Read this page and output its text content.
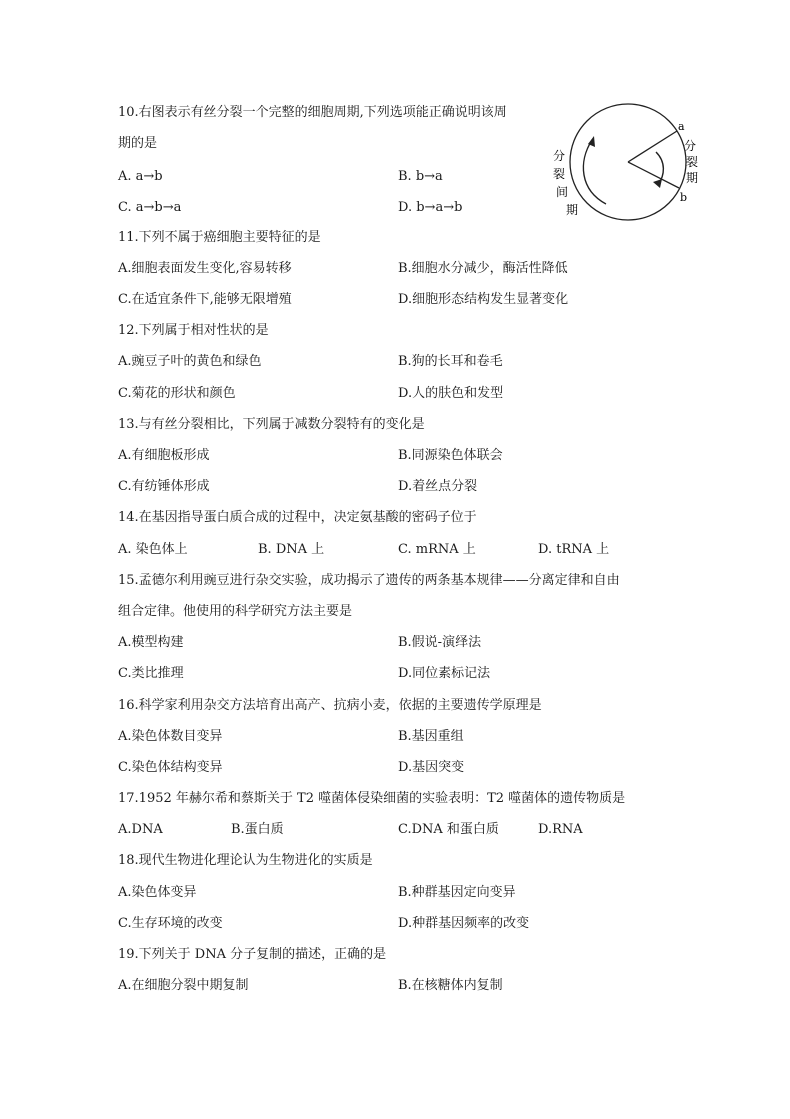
10.右图表示有丝分裂一个完整的细胞周期,下列选项能正确说明该周
期的是
A. a→b	B. b→a
C. a→b→a	D. b→a→b
a
b
分
裂
间
期
分
裂
期
11.下列不属于癌细胞主要特征的是
A.细胞表面发生变化,容易转移	B.细胞水分减少，酶活性降低
C.在适宜条件下,能够无限增殖	D.细胞形态结构发生显著变化
12.下列属于相对性状的是
A.豌豆子叶的黄色和绿色	B.狗的长耳和卷毛
C.菊花的形状和颜色	D.人的肤色和发型
13.与有丝分裂相比，下列属于减数分裂特有的变化是
A.有细胞板形成	B.同源染色体联会
C.有纺锤体形成	D.着丝点分裂
14.在基因指导蛋白质合成的过程中，决定氨基酸的密码子位于
A. 染色体上	B. DNA 上	C. mRNA 上	D. tRNA 上
15.孟德尔利用豌豆进行杂交实验，成功揭示了遗传的两条基本规律——分离定律和自由
组合定律。他使用的科学研究方法主要是
A.模型构建	B.假说-演绎法
C.类比推理	D.同位素标记法
16.科学家利用杂交方法培育出高产、抗病小麦，依据的主要遗传学原理是
A.染色体数目变异	B.基因重组
C.染色体结构变异	D.基因突变
17.1952 年赫尔希和蔡斯关于 T2 噬菌体侵染细菌的实验表明：T2 噬菌体的遗传物质是
A.DNA	B.蛋白质	C.DNA 和蛋白质	D.RNA
18.现代生物进化理论认为生物进化的实质是
A.染色体变异	B.种群基因定向变异
C.生存环境的改变	D.种群基因频率的改变
19.下列关于 DNA 分子复制的描述，正确的是
A.在细胞分裂中期复制	B.在核糖体内复制
